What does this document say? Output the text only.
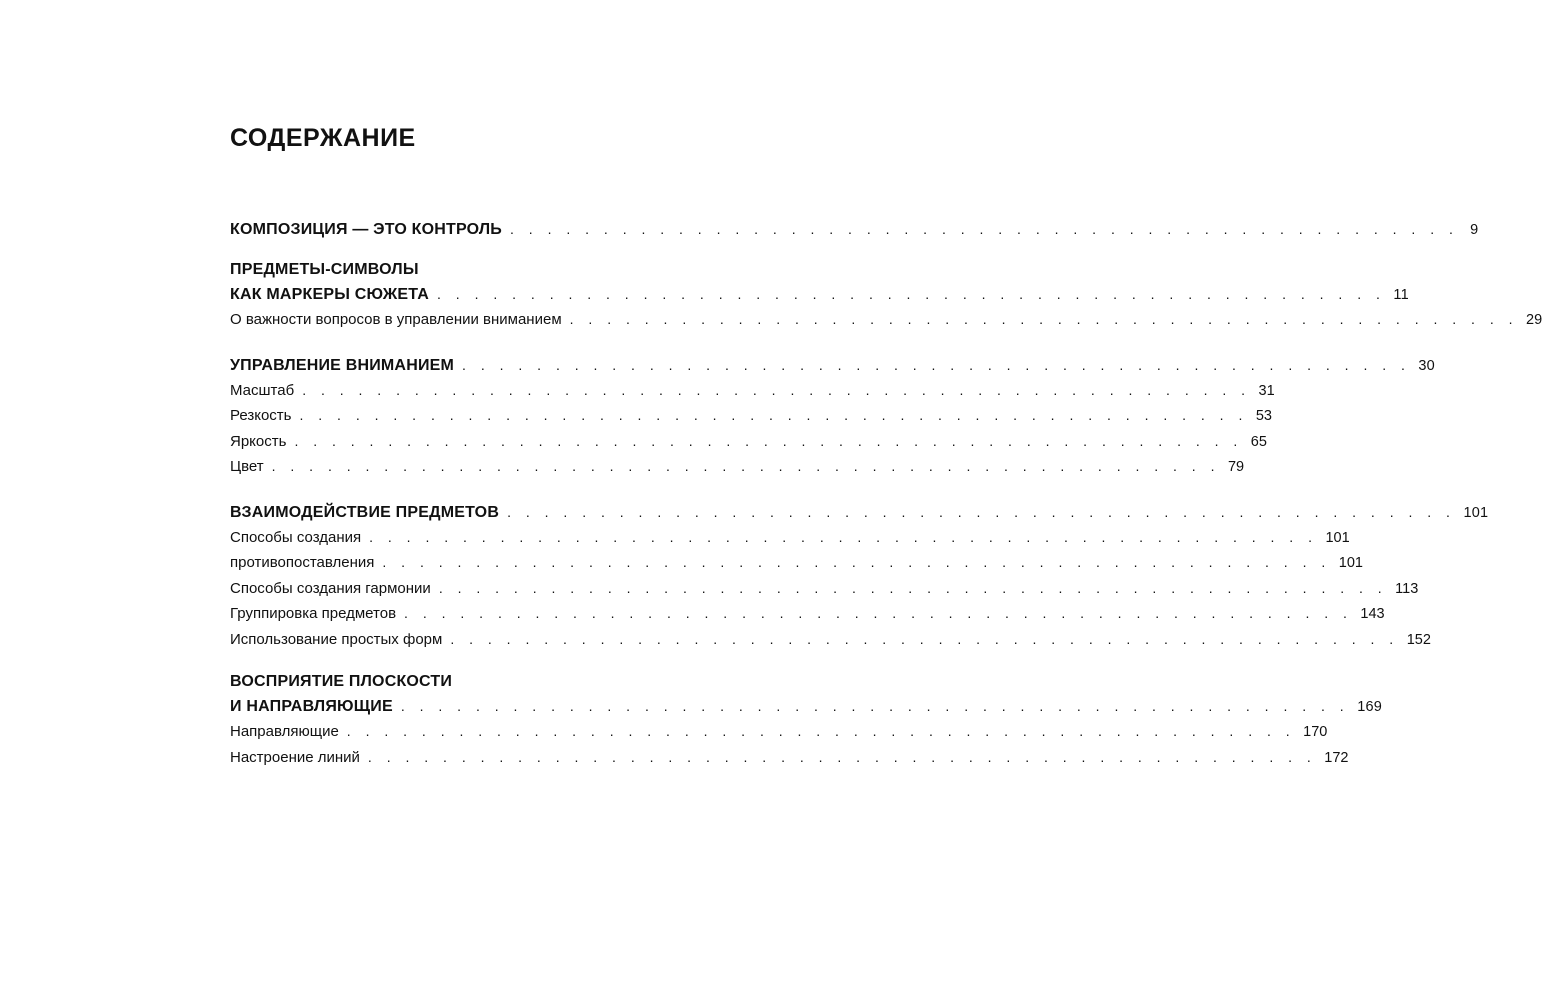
СОДЕРЖАНИЕ
КОМПОЗИЦИЯ — ЭТО КОНТРОЛЬ . . . . . . . . . . . . . . . . . . . . . . . . . . . . . . . . . . . . . . . . . . . . . . . . . . . 9
ПРЕДМЕТЫ-СИМВОЛЫ
КАК МАРКЕРЫ СЮЖЕТА . . . . . . . . . . . . . . . . . . . . . . . . . . . . . . . . . . . . . . . . . . . . . . . . . . . 11
О важности вопросов в управлении вниманием . . . . . . . . . . . . . . . . . . . . . . . . . . . . . . . . . . . . . . . . . . . . . . . . . . . 29
УПРАВЛЕНИЕ ВНИМАНИЕМ . . . . . . . . . . . . . . . . . . . . . . . . . . . . . . . . . . . . . . . . . . . . . . . . . . . 30
Масштаб . . . . . . . . . . . . . . . . . . . . . . . . . . . . . . . . . . . . . . . . . . . . . . . . . . . 31
Резкость . . . . . . . . . . . . . . . . . . . . . . . . . . . . . . . . . . . . . . . . . . . . . . . . . . . 53
Яркость . . . . . . . . . . . . . . . . . . . . . . . . . . . . . . . . . . . . . . . . . . . . . . . . . . . 65
Цвет . . . . . . . . . . . . . . . . . . . . . . . . . . . . . . . . . . . . . . . . . . . . . . . . . . . 79
ВЗАИМОДЕЙСТВИЕ ПРЕДМЕТОВ . . . . . . . . . . . . . . . . . . . . . . . . . . . . . . . . . . . . . . . . . . . . . . . . . . . 101
Способы создания . . . . . . . . . . . . . . . . . . . . . . . . . . . . . . . . . . . . . . . . . . . . . . . . . . . 101
противопоставления . . . . . . . . . . . . . . . . . . . . . . . . . . . . . . . . . . . . . . . . . . . . . . . . . . . 101
Способы создания гармонии . . . . . . . . . . . . . . . . . . . . . . . . . . . . . . . . . . . . . . . . . . . . . . . . . . . 113
Группировка предметов . . . . . . . . . . . . . . . . . . . . . . . . . . . . . . . . . . . . . . . . . . . . . . . . . . . 143
Использование простых форм . . . . . . . . . . . . . . . . . . . . . . . . . . . . . . . . . . . . . . . . . . . . . . . . . . . 152
ВОСПРИЯТИЕ ПЛОСКОСТИ
И НАПРАВЛЯЮЩИЕ . . . . . . . . . . . . . . . . . . . . . . . . . . . . . . . . . . . . . . . . . . . . . . . . . . . 169
Направляющие . . . . . . . . . . . . . . . . . . . . . . . . . . . . . . . . . . . . . . . . . . . . . . . . . . . 170
Настроение линий . . . . . . . . . . . . . . . . . . . . . . . . . . . . . . . . . . . . . . . . . . . . . . . . . . . 172
